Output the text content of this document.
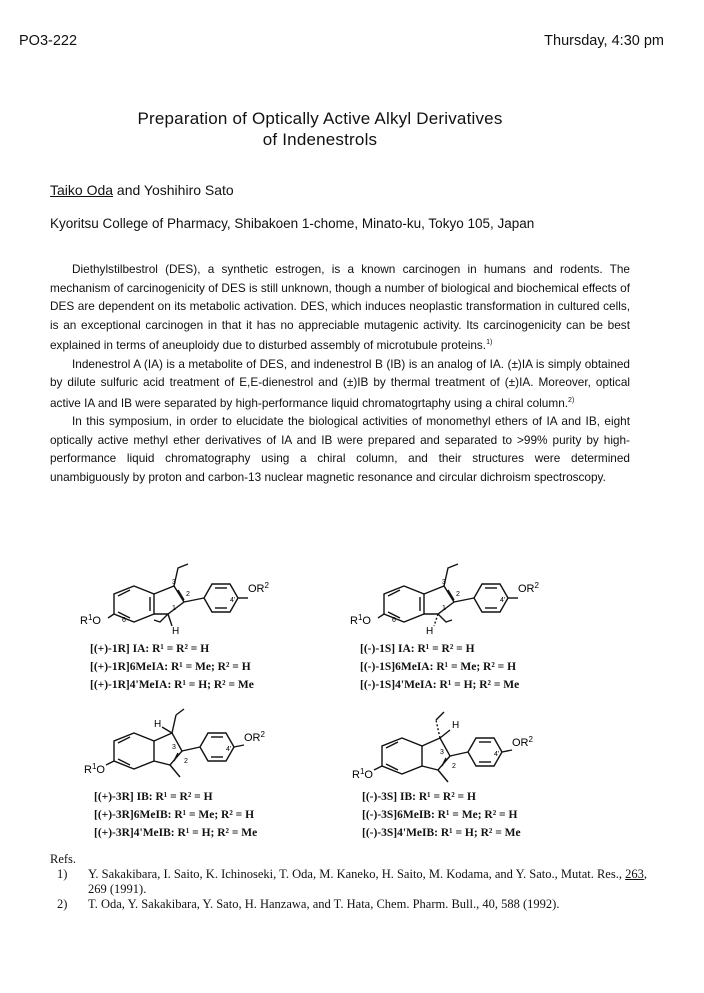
PO3-222	Thursday, 4:30 pm
Preparation of Optically Active Alkyl Derivatives
of Indenestrols
Taiko Oda and Yoshihiro Sato
Kyoritsu College of Pharmacy, Shibakoen 1-chome, Minato-ku, Tokyo 105, Japan

Diethylstilbestrol (DES), a synthetic estrogen, is a known carcinogen in humans and rodents. The mechanism of carcinogenicity of DES is still unknown, though a number of biological and biochemical effects of DES are dependent on its metabolic activation. DES, which induces neoplastic transformation in cultured cells, is an exceptional carcinogen in that it has no appreciable mutagenic activity. Its carcinogenicity can be best explained in terms of aneuploidy due to disturbed assembly of microtubule proteins.$^{1)}$

Indenestrol A (IA) is a metabolite of DES, and indenestrol B (IB) is an analog of IA. (±)IA is simply obtained by dilute sulfuric acid treatment of E,E-dienestrol and (±)IB by thermal treatment of (±)IA. Moreover, optical active IA and IB were separated by high-performance liquid chromatogrtaphy using a chiral column.$^{2)}$

In this symposium, in order to elucidate the biological activities of monomethyl ethers of IA and IB, eight optically active methyl ether derivatives of IA and IB were prepared and separated to >99% purity by high-performance liquid chromatography using a chiral column, and their structures were determined unambiguously by proton and carbon-13 nuclear magnetic resonance and circular dichroism spectroscopy.

$OR^2$
$R^1O$
H
3
2
1
4'
6
$OR^2$
$R^1O$
H
3
2
1
4'
6
[(+)-1R] IA: R¹ = R² = H
[(+)-1R]6MeIA: R¹ = Me; R² = H
[(+)-1R]4'MeIA: R¹ = H; R² = Me
[(-)-1S] IA: R¹ = R² = H
[(-)-1S]6MeIA: R¹ = Me; R² = H
[(-)-1S]4'MeIA: R¹ = H; R² = Me
$OR^2$
$R^1O$
H
3
2
4'
$OR^2$
$R^1O$
H
3
2
4'
[(+)-3R] IB: R¹ = R² = H
[(+)-3R]6MeIB: R¹ = Me; R² = H
[(+)-3R]4'MeIB: R¹ = H; R² = Me
[(-)-3S] IB: R¹ = R² = H
[(-)-3S]6MeIB: R¹ = Me; R² = H
[(-)-3S]4'MeIB: R¹ = H; R² = Me
Refs.
1) Y. Sakakibara, I. Saito, K. Ichinoseki, T. Oda, M. Kaneko, H. Saito, M. Kodama, and Y. Sato., Mutat. Res., 263, 269 (1991).
2) T. Oda, Y. Sakakibara, Y. Sato, H. Hanzawa, and T. Hata, Chem. Pharm. Bull., 40, 588 (1992).
